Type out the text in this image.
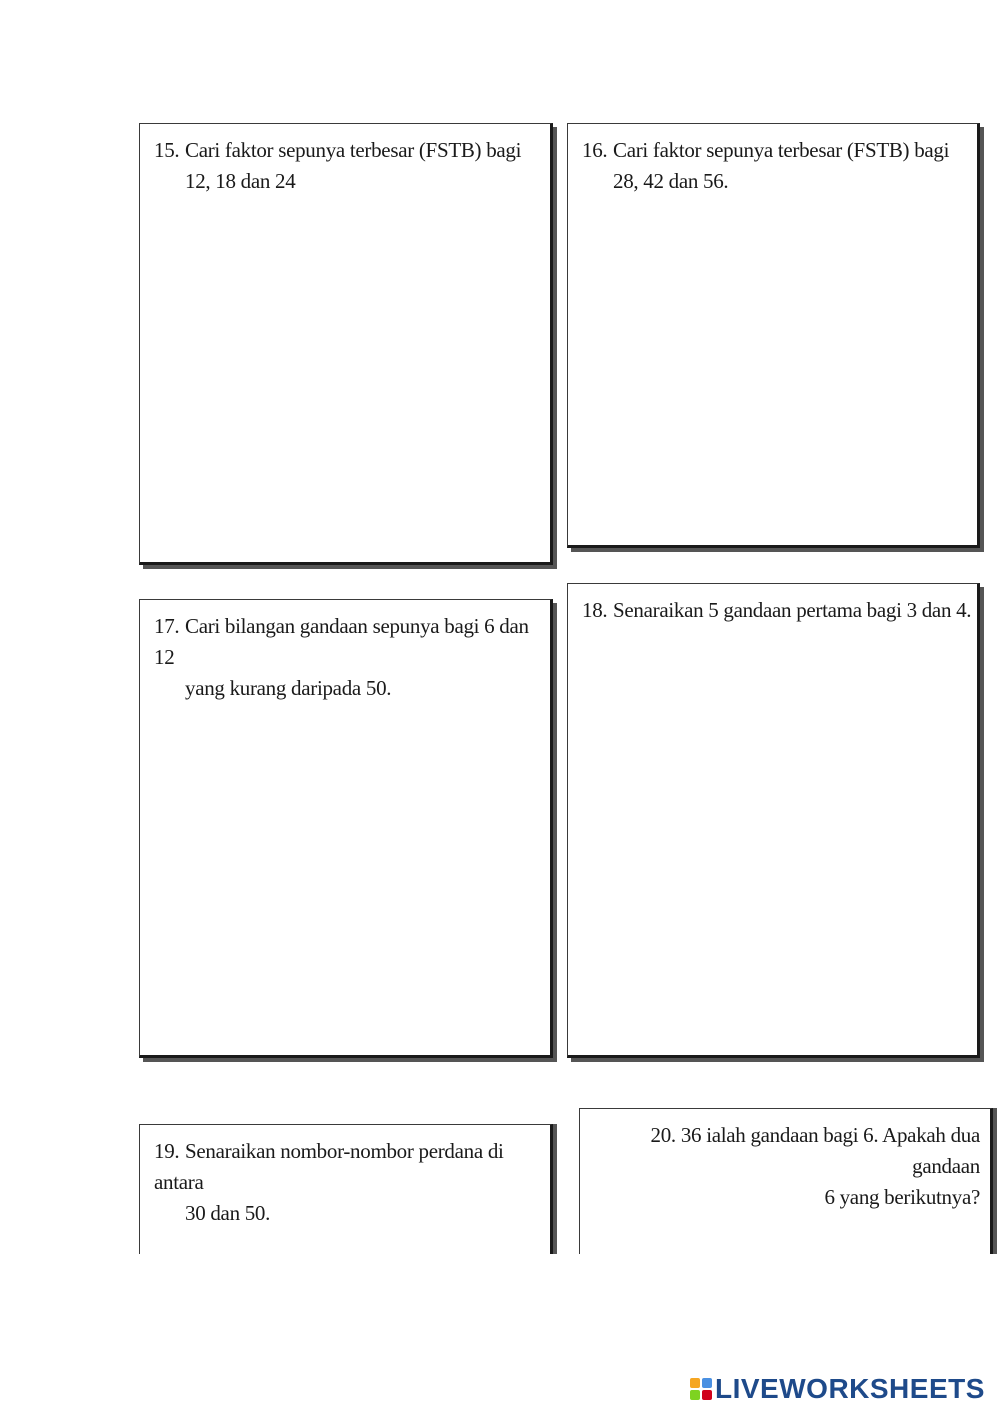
15. Cari faktor sepunya terbesar (FSTB) bagi
12, 18 dan 24
16. Cari faktor sepunya terbesar (FSTB) bagi
28, 42 dan 56.
17. Cari bilangan gandaan sepunya bagi 6 dan 12
yang kurang daripada 50.
18. Senaraikan 5 gandaan pertama bagi 3 dan 4.
19. Senaraikan nombor-nombor perdana di antara
30 dan 50.
20. 36 ialah gandaan bagi 6. Apakah dua gandaan
6 yang berikutnya?
LIVEWORKSHEETS
